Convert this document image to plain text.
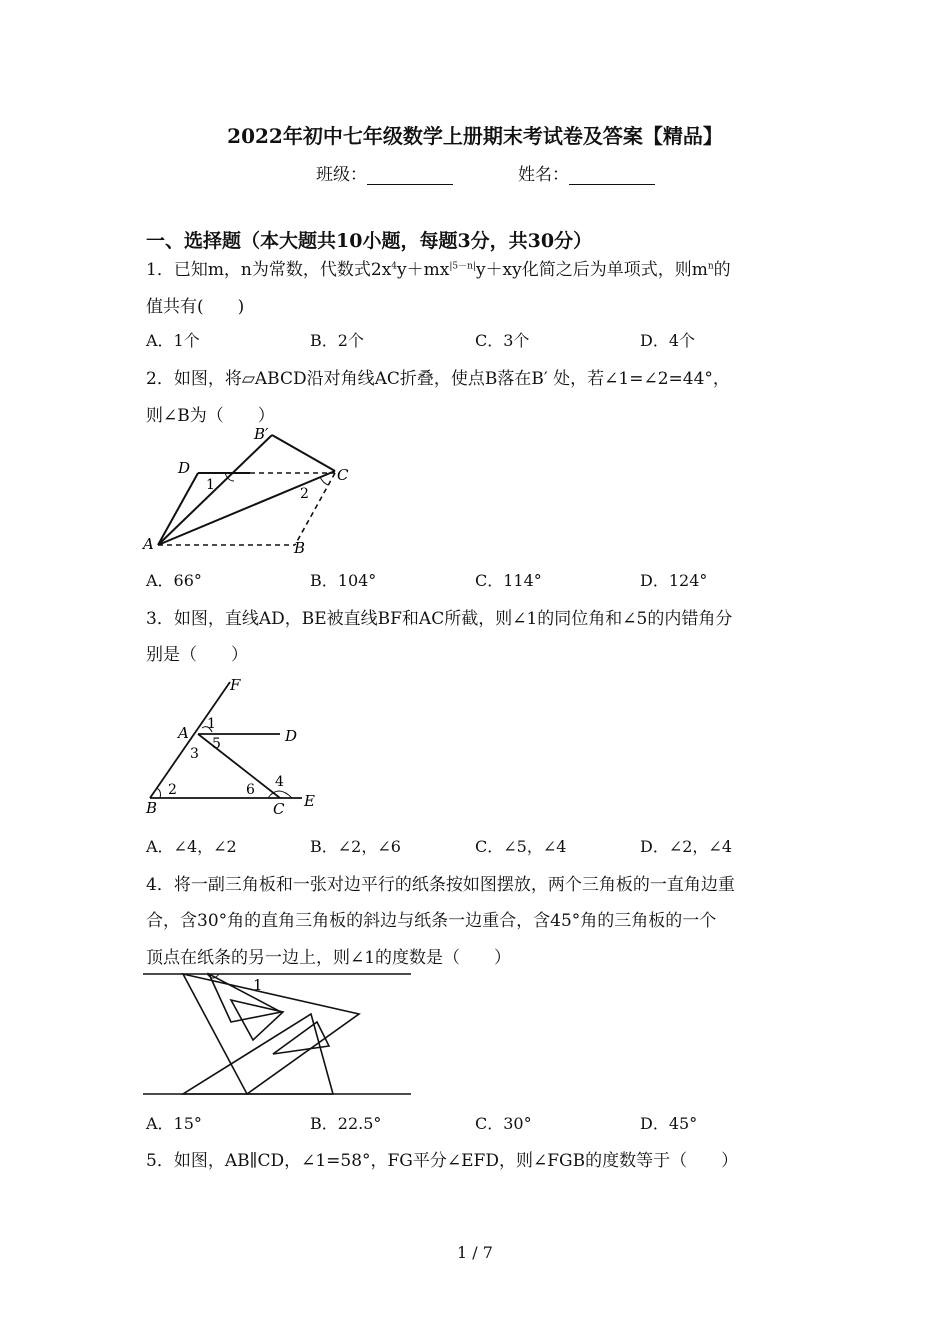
2022年初中七年级数学上册期末考试卷及答案【精品】
班级：	姓名：
一、选择题（本大题共10小题，每题3分，共30分）
1．已知m，n为常数，代数式$2x^4y+mx^{|5-n|}y+xy$化简之后为单项式，则$m^n$的
值共有(　　)
A．1个	B．2个	C．3个	D．4个
2．如图，将▱ABCD沿对角线AC折叠，使点B落在B′ 处，若∠1=∠2=44°，
则∠B为（　　）
B′
D
1
C
2
A	B
A．66°	B．104°	C．114°	D．124°
3．如图，直线AD，BE被直线BF和AC所截，则∠1的同位角和∠5的内错角分
别是（　　）
F
A 1
D
3
5
4
2	6
B	C E
A．∠4，∠2	B．∠2，∠6	C．∠5，∠4	D．∠2，∠4
4．将一副三角板和一张对边平行的纸条按如图摆放，两个三角板的一直角边重
合，含30°角的直角三角板的斜边与纸条一边重合，含45°角的三角板的一个
顶点在纸条的另一边上，则∠1的度数是（　　）
1
A．15°	B．22.5°	C．30°	D．45°
5．如图，AB∥CD，∠1=58°，FG平分∠EFD，则∠FGB的度数等于（　　）
1 / 7
